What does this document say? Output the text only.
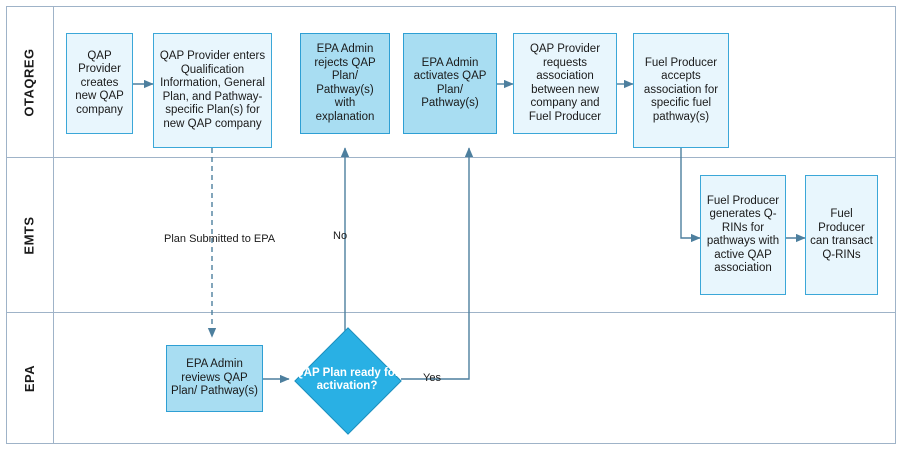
OTAQREG
EMTS
EPA
QAP Provider creates new QAP company
QAP Provider enters Qualification Information, General Plan, and Pathway-specific Plan(s) for new QAP company
EPA Admin rejects QAP Plan/ Pathway(s) with explanation
EPA Admin activates QAP Plan/ Pathway(s)
QAP Provider requests association between new company and Fuel Producer
Fuel Producer accepts association for specific fuel pathway(s)
Fuel Producer generates Q-RINs for pathways with active QAP association
Fuel Producer can transact Q-RINs
EPA Admin reviews QAP Plan/ Pathway(s)
QAP Plan ready for activation?
Plan Submitted to EPA	No
Yes
